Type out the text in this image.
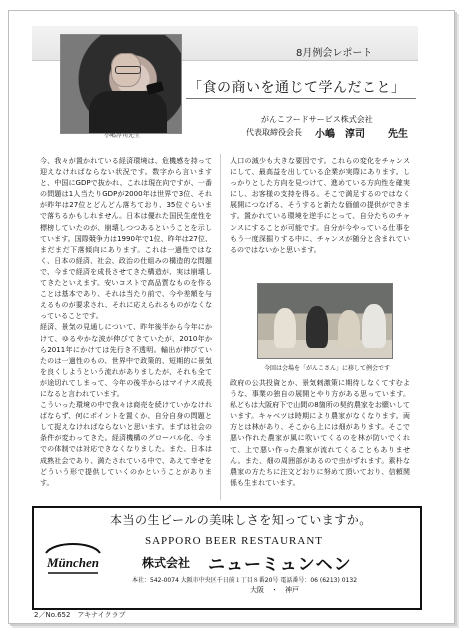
8月例会レポート
小嶋淳司先生
「食の商いを通じて学んだこと」
がんこフードサービス株式会社
代表取締役会長 小嶋　淳司 先生

今、我々が置かれている経済環境は、危機感を持って迎えなければならない状況です。数字から言いますと、中国にGDPで抜かれ、これは現在向ですが、一番の問題は1人当たりGDPが2000年は世界で3位、それが昨年は27位とどんどん落ちており、35位ぐらいまで落ちるかもしれません。日本は優れた国民生産性を標榜していたのが、崩壊しつつあるということを示しています。国際競争力は1990年で1位、昨年は27位、まだまだ下落傾向にあります。これは一過性ではなく、日本の経済、社会、政治の仕組みの構造的な問題で、今まで経済を成長させてきた構造が、実は崩壊してきたといえます。安いコストで高品質なものを作ることは基本であり、それは当たり前で、今や差額を与えるものが要求され、それに応えられるものがなくなっていることです。

経済、景気の見通しについて、昨年後半から今年にかけて、ゆるやかな波が伸びてきていたが、2010年から2011年にかけては先行き不透明。輸出が伸びていたのは一過性のもの、世界中で政策的、短期的に景気を良くしようという流れがありましたが、それも全てが途切れてしまって、今年の後半からはマイナス成長になると言われています。

こういった環境の中で我々は商売を続けていかなければならず、何にポイントを置くか、自分自身の問題として捉えなければならないと思います。まずは社会の条件が変わってきた。経済機構のグローバル化、今までの体制では対応できなくなりました。また、日本は成熟社会であり、満たされている中で、あえて幸せをどういう形で提供していくのかということがあります。

人口の減少も大きな要因です。これらの変化をチャンスにして、最高益を出している企業が実際にあります。しっかりとした方向を見つけて、進めている方向性を確実にし、お客様の支持を得る。そこで満足するのではなく展開につなげる、そうすると新たな価値の提供ができます。置かれている環境を逆手にとって、自分たちのチャンスにすることが可能です。自分が今やっている仕事をもう一度深掘りする中に、チャンスが随分と含まれているのではないかと思います。

今回は会場を「がんこさん」に移して例会です

政府の公共投資とか、景気刺激策に期待しなくてすむような、事業の独自の展開とやり方がある思っています。私どもは大阪府下で山間の8箇所の契約農家をお願いしています。キャベツは時期により農家がなくなります。両方とは林があり、そこから上には畑があります。そこで悪い作れた農家が風に吹いてくるのを林が防いでくれて、上で悪い作った農家が流れてくることもありません。また、畑の周囲部があるので虫がずれます。素朴な農家の方たちに注文どおりに努めて頂いており、信頼関係も生まれています。

本当の生ビールの美味しさを知っていますか。
SAPPORO BEER RESTAURANT
株式会社 ニューミュンヘン
München
本社：542-0074 大阪市中央区千日前１丁目８番20号 電話番号：06 (6213) 0132
大阪　・　神戸
2／No.652　アキナイクラブ
